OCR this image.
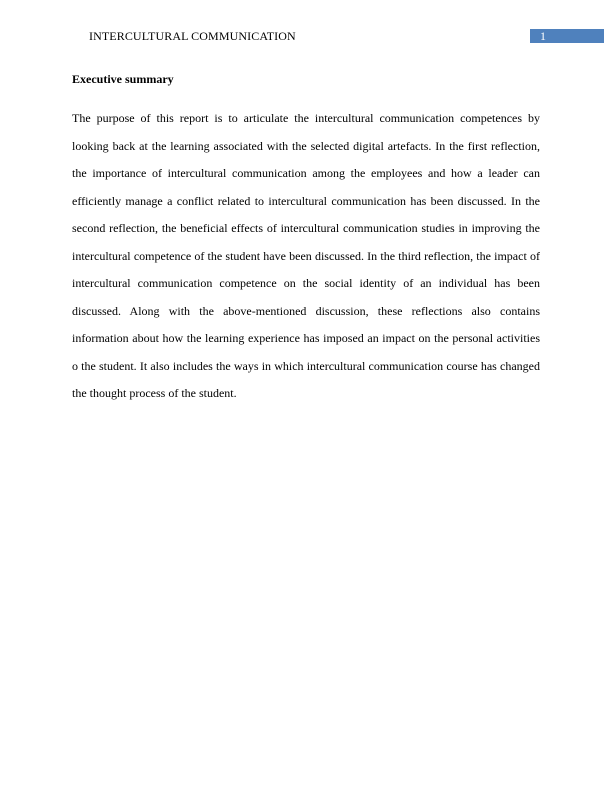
INTERCULTURAL COMMUNICATION	1
Executive summary

The purpose of this report is to articulate the intercultural communication competences by looking back at the learning associated with the selected digital artefacts. In the first reflection, the importance of intercultural communication among the employees and how a leader can efficiently manage a conflict related to intercultural communication has been discussed. In the second reflection, the beneficial effects of intercultural communication studies in improving the intercultural competence of the student have been discussed. In the third reflection, the impact of intercultural communication competence on the social identity of an individual has been discussed. Along with the above-mentioned discussion, these reflections also contains information about how the learning experience has imposed an impact on the personal activities o the student. It also includes the ways in which intercultural communication course has changed the thought process of the student.
